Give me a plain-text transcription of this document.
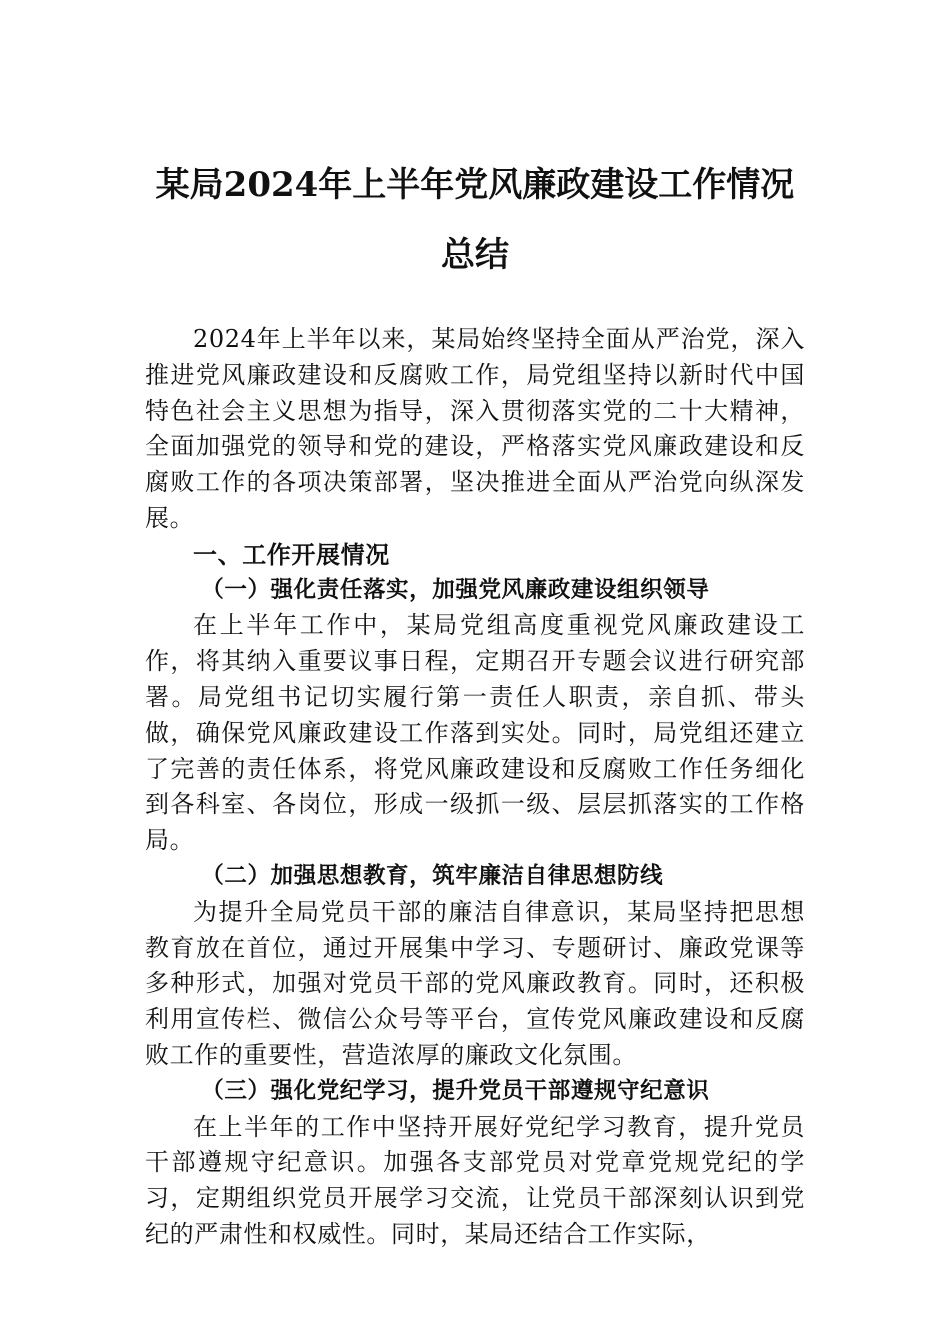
某局2024年上半年党风廉政建设工作情况
总结

2024年上半年以来，某局始终坚持全面从严治党，深入推进党风廉政建设和反腐败工作，局党组坚持以新时代中国特色社会主义思想为指导，深入贯彻落实党的二十大精神，全面加强党的领导和党的建设，严格落实党风廉政建设和反腐败工作的各项决策部署，坚决推进全面从严治党向纵深发展。

一、工作开展情况
（一）强化责任落实，加强党风廉政建设组织领导

在上半年工作中，某局党组高度重视党风廉政建设工作，将其纳入重要议事日程，定期召开专题会议进行研究部署。局党组书记切实履行第一责任人职责，亲自抓、带头做，确保党风廉政建设工作落到实处。同时，局党组还建立了完善的责任体系，将党风廉政建设和反腐败工作任务细化到各科室、各岗位，形成一级抓一级、层层抓落实的工作格局。

（二）加强思想教育，筑牢廉洁自律思想防线

为提升全局党员干部的廉洁自律意识，某局坚持把思想教育放在首位，通过开展集中学习、专题研讨、廉政党课等多种形式，加强对党员干部的党风廉政教育。同时，还积极利用宣传栏、微信公众号等平台，宣传党风廉政建设和反腐败工作的重要性，营造浓厚的廉政文化氛围。

（三）强化党纪学习，提升党员干部遵规守纪意识

在上半年的工作中坚持开展好党纪学习教育，提升党员干部遵规守纪意识。加强各支部党员对党章党规党纪的学习，定期组织党员开展学习交流，让党员干部深刻认识到党纪的严肃性和权威性。同时，某局还结合工作实际，
